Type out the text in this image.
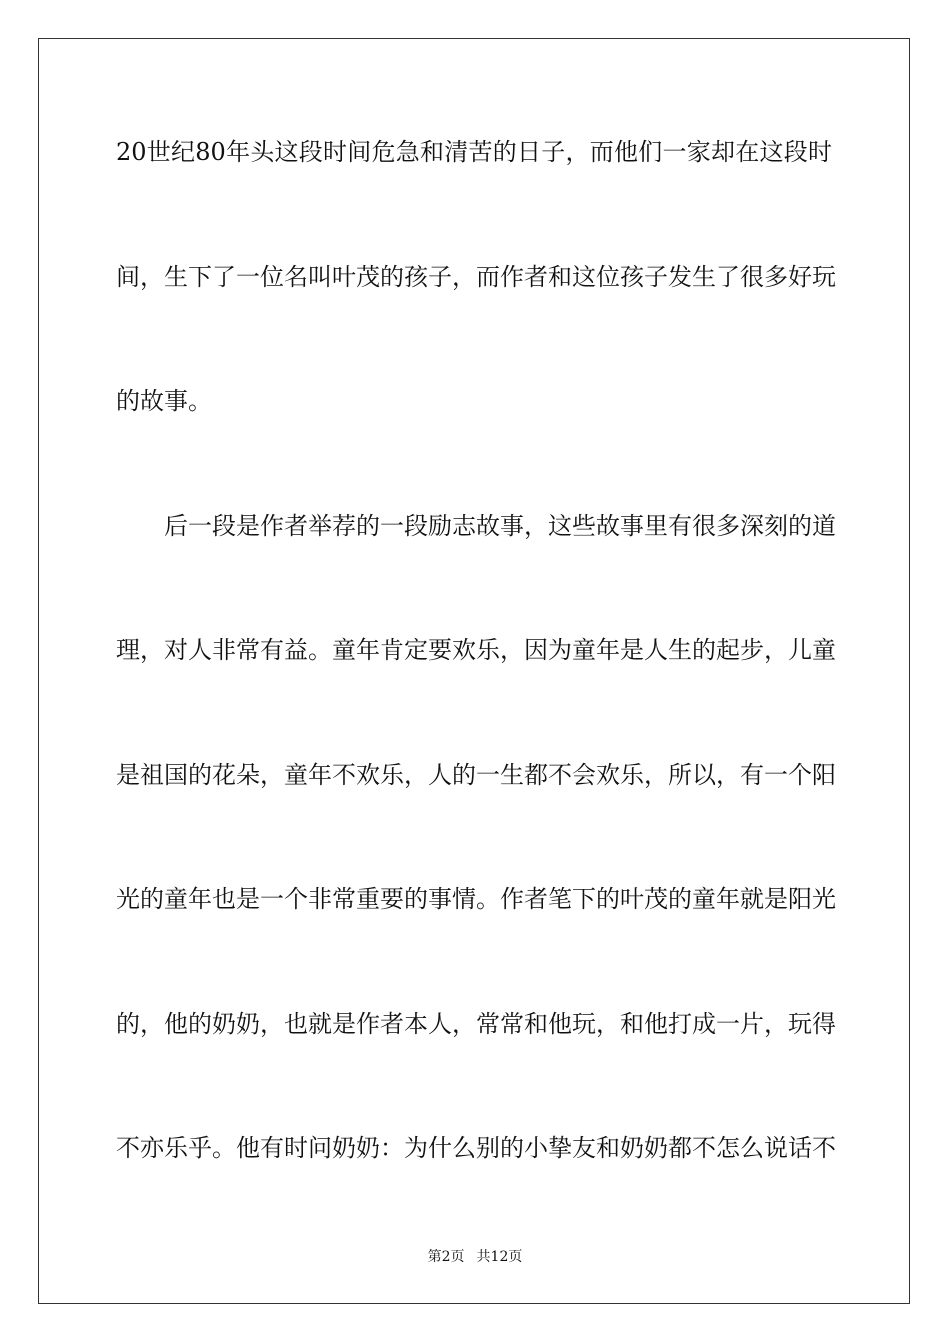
20世纪80年头这段时间危急和清苦的日子，而他们一家却在这段时
间，生下了一位名叫叶茂的孩子，而作者和这位孩子发生了很多好玩
的故事。
后一段是作者举荐的一段励志故事，这些故事里有很多深刻的道
理，对人非常有益。童年肯定要欢乐，因为童年是人生的起步，儿童
是祖国的花朵，童年不欢乐，人的一生都不会欢乐，所以，有一个阳
光的童年也是一个非常重要的事情。作者笔下的叶茂的童年就是阳光
的，他的奶奶，也就是作者本人，常常和他玩，和他打成一片，玩得
不亦乐乎。他有时问奶奶：为什么别的小挚友和奶奶都不怎么说话不
第2页 共12页
